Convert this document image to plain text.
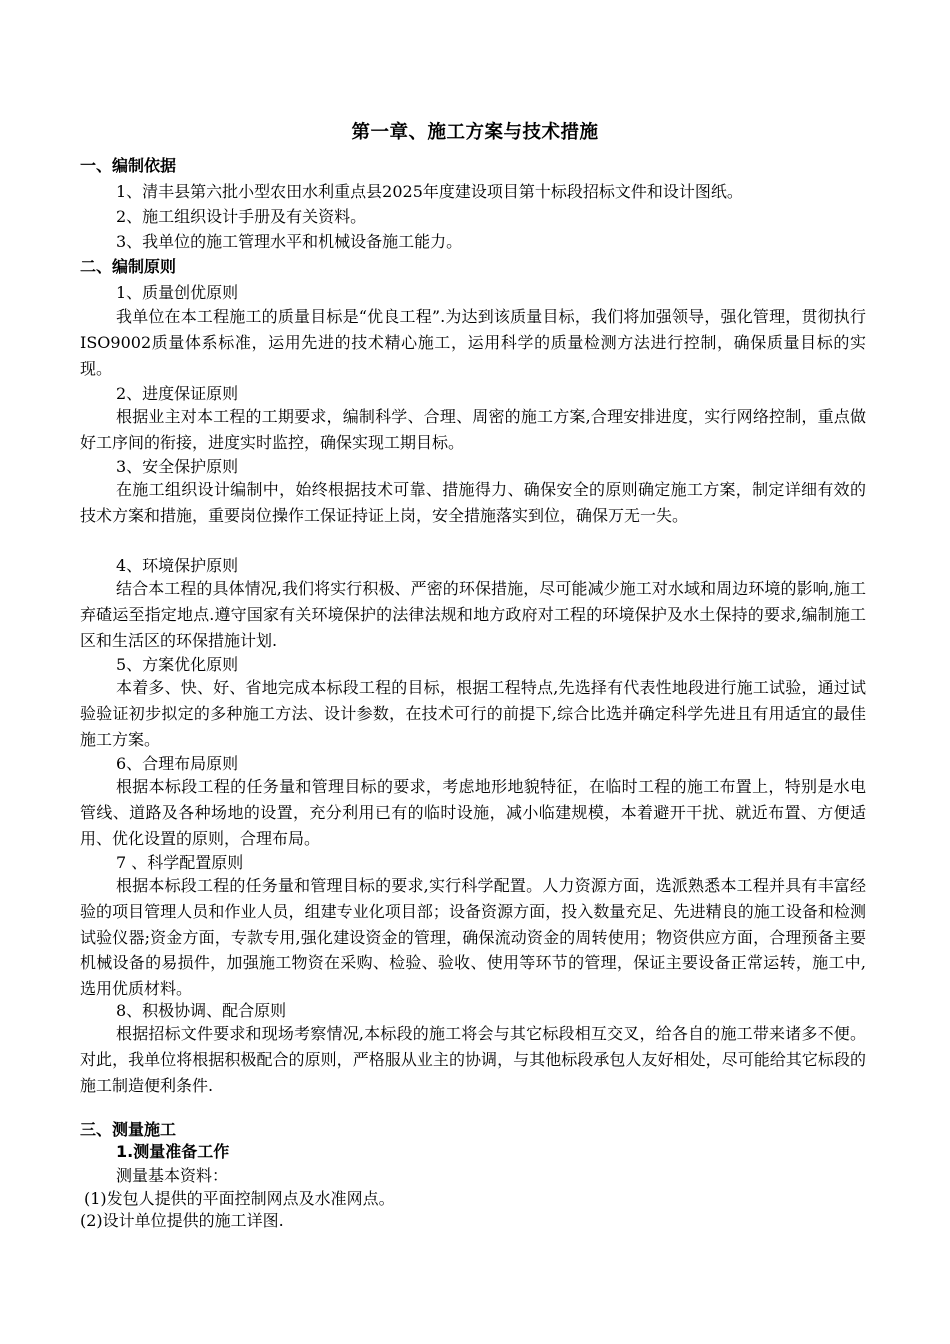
第一章、施工方案与技术措施
一、编制依据
1、清丰县第六批小型农田水利重点县2025年度建设项目第十标段招标文件和设计图纸。
2、施工组织设计手册及有关资料。
3、我单位的施工管理水平和机械设备施工能力。
二、编制原则
1、质量创优原则
我单位在本工程施工的质量目标是“优良工程”.为达到该质量目标，我们将加强领导，强化管理，贯彻执行ISO9002质量体系标准，运用先进的技术精心施工，运用科学的质量检测方法进行控制，确保质量目标的实现。
2、进度保证原则
根据业主对本工程的工期要求，编制科学、合理、周密的施工方案,合理安排进度，实行网络控制，重点做好工序间的衔接，进度实时监控，确保实现工期目标。
3、安全保护原则
在施工组织设计编制中，始终根据技术可靠、措施得力、确保安全的原则确定施工方案，制定详细有效的技术方案和措施，重要岗位操作工保证持证上岗，安全措施落实到位，确保万无一失。
4、环境保护原则
结合本工程的具体情况,我们将实行积极、严密的环保措施，尽可能减少施工对水域和周边环境的影响,施工弃碴运至指定地点.遵守国家有关环境保护的法律法规和地方政府对工程的环境保护及水土保持的要求,编制施工区和生活区的环保措施计划.
5、方案优化原则
本着多、快、好、省地完成本标段工程的目标，根据工程特点,先选择有代表性地段进行施工试验，通过试验验证初步拟定的多种施工方法、设计参数，在技术可行的前提下,综合比选并确定科学先进且有用适宜的最佳施工方案。
6、合理布局原则
根据本标段工程的任务量和管理目标的要求，考虑地形地貌特征，在临时工程的施工布置上，特别是水电管线、道路及各种场地的设置，充分利用已有的临时设施，减小临建规模，本着避开干扰、就近布置、方便适用、优化设置的原则，合理布局。
7 、科学配置原则
根据本标段工程的任务量和管理目标的要求,实行科学配置。人力资源方面，选派熟悉本工程并具有丰富经验的项目管理人员和作业人员，组建专业化项目部；设备资源方面，投入数量充足、先进精良的施工设备和检测试验仪器;资金方面，专款专用,强化建设资金的管理，确保流动资金的周转使用；物资供应方面，合理预备主要机械设备的易损件，加强施工物资在采购、检验、验收、使用等环节的管理，保证主要设备正常运转，施工中,选用优质材料。
8、积极协调、配合原则
根据招标文件要求和现场考察情况,本标段的施工将会与其它标段相互交叉，给各自的施工带来诸多不便。对此，我单位将根据积极配合的原则，严格服从业主的协调，与其他标段承包人友好相处，尽可能给其它标段的施工制造便利条件.
三、测量施工
1.测量准备工作
测量基本资料：
(1)发包人提供的平面控制网点及水准网点。
(2)设计单位提供的施工详图.
